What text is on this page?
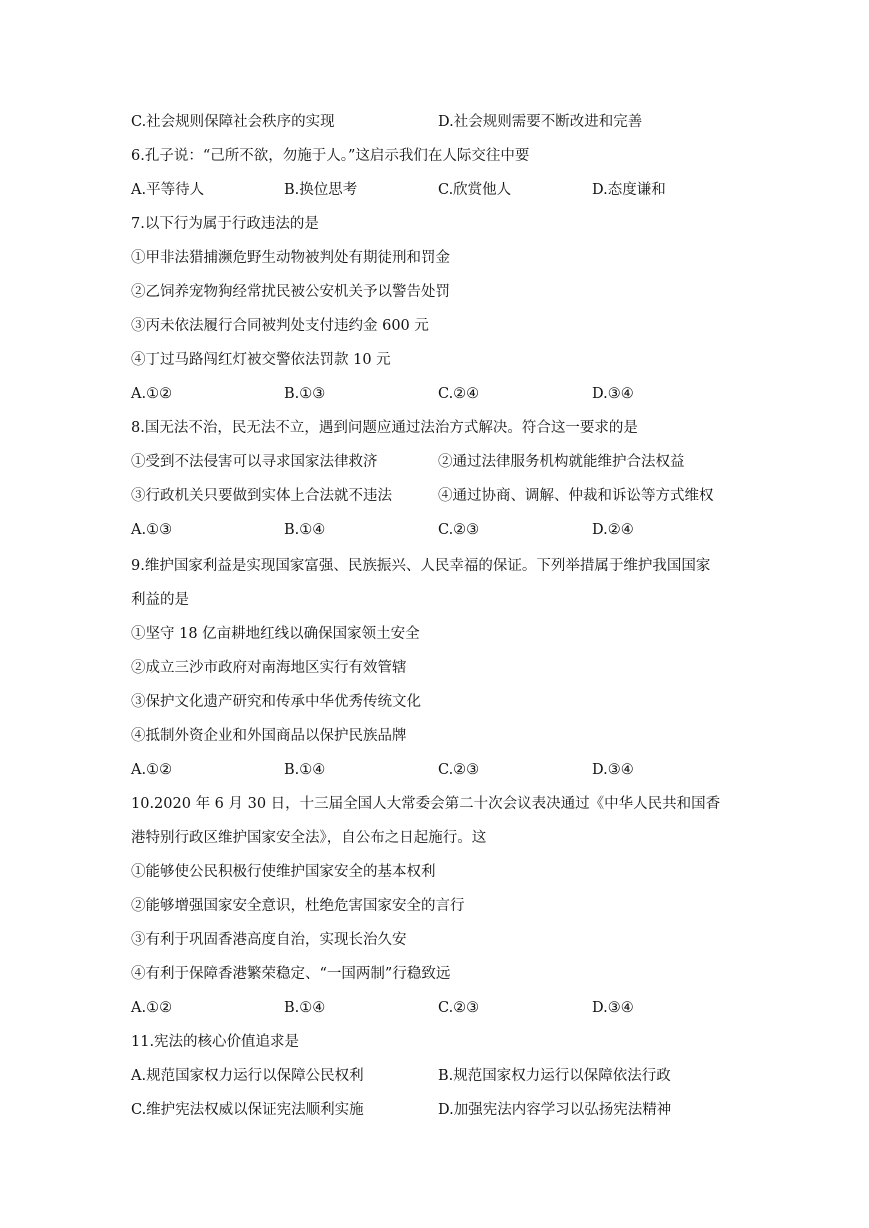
C.社会规则保障社会秩序的实现	D.社会规则需要不断改进和完善
6.孔子说：“己所不欲，勿施于人。”这启示我们在人际交往中要
A.平等待人	B.换位思考	C.欣赏他人	D.态度谦和
7.以下行为属于行政违法的是
①甲非法猎捕濒危野生动物被判处有期徒刑和罚金
②乙饲养宠物狗经常扰民被公安机关予以警告处罚
③丙未依法履行合同被判处支付违约金 600 元
④丁过马路闯红灯被交警依法罚款 10 元
A.①②	B.①③	C.②④	D.③④
8.国无法不治，民无法不立，遇到问题应通过法治方式解决。符合这一要求的是
①受到不法侵害可以寻求国家法律救济	②通过法律服务机构就能维护合法权益
③行政机关只要做到实体上合法就不违法	④通过协商、调解、仲裁和诉讼等方式维权
A.①③	B.①④	C.②③	D.②④
9.维护国家利益是实现国家富强、民族振兴、人民幸福的保证。下列举措属于维护我国国家
利益的是
①坚守 18 亿亩耕地红线以确保国家领土安全
②成立三沙市政府对南海地区实行有效管辖
③保护文化遗产研究和传承中华优秀传统文化
④抵制外资企业和外国商品以保护民族品牌
A.①②	B.①④	C.②③	D.③④
10.2020 年 6 月 30 日，十三届全国人大常委会第二十次会议表决通过《中华人民共和国香
港特别行政区维护国家安全法》，自公布之日起施行。这
①能够使公民积极行使维护国家安全的基本权利
②能够增强国家安全意识，杜绝危害国家安全的言行
③有利于巩固香港高度自治，实现长治久安
④有利于保障香港繁荣稳定、“一国两制”行稳致远
A.①②	B.①④	C.②③	D.③④
11.宪法的核心价值追求是
A.规范国家权力运行以保障公民权利	B.规范国家权力运行以保障依法行政
C.维护宪法权威以保证宪法顺利实施	D.加强宪法内容学习以弘扬宪法精神
